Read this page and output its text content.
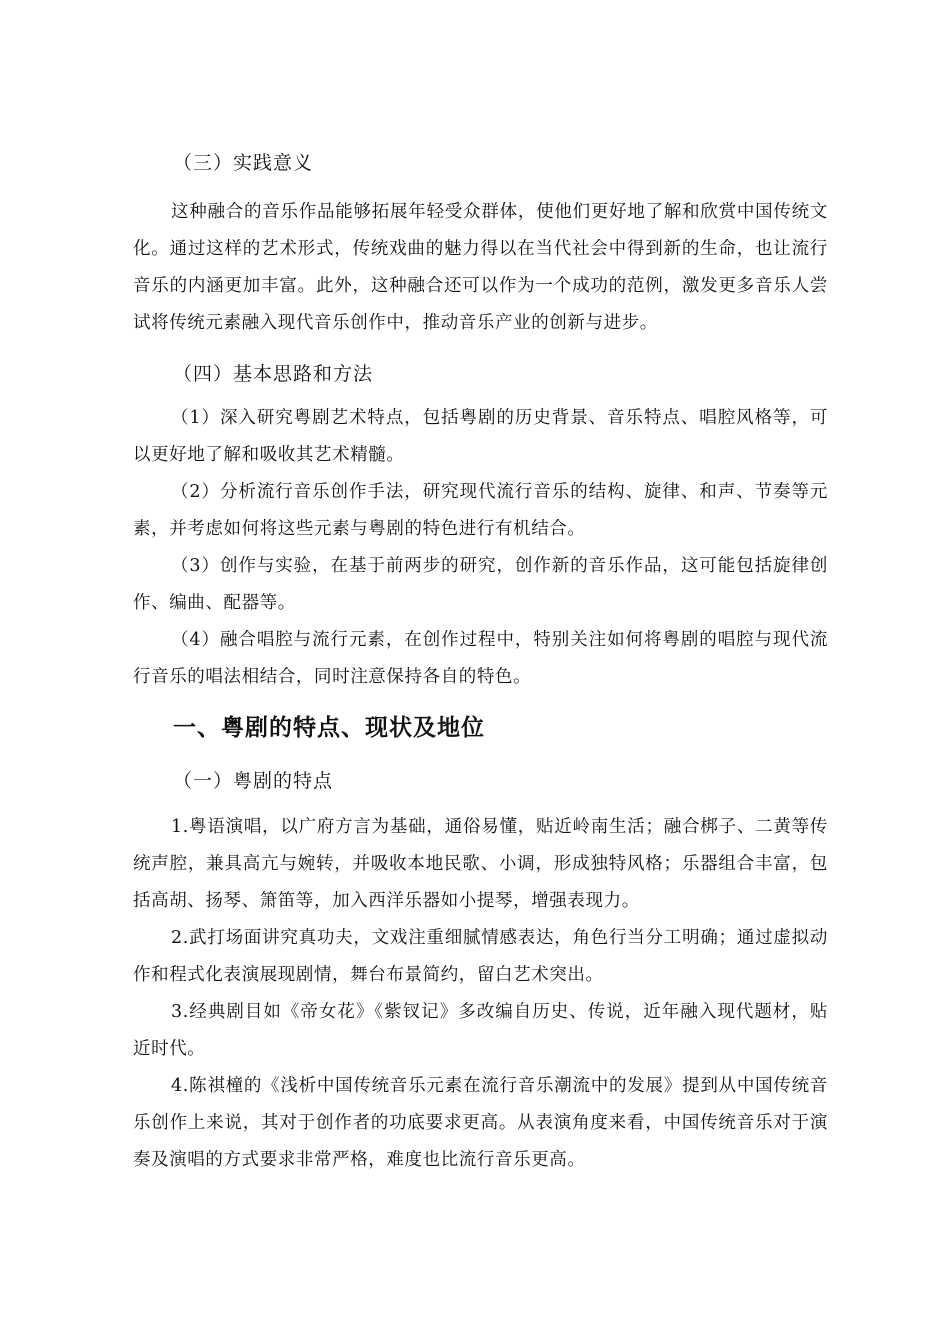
（三）实践意义

这种融合的音乐作品能够拓展年轻受众群体，使他们更好地了解和欣赏中国传统文化。通过这样的艺术形式，传统戏曲的魅力得以在当代社会中得到新的生命，也让流行音乐的内涵更加丰富。此外，这种融合还可以作为一个成功的范例，激发更多音乐人尝试将传统元素融入现代音乐创作中，推动音乐产业的创新与进步。

（四）基本思路和方法

（1）深入研究粤剧艺术特点，包括粤剧的历史背景、音乐特点、唱腔风格等，可以更好地了解和吸收其艺术精髓。

（2）分析流行音乐创作手法，研究现代流行音乐的结构、旋律、和声、节奏等元素，并考虑如何将这些元素与粤剧的特色进行有机结合。

（3）创作与实验，在基于前两步的研究，创作新的音乐作品，这可能包括旋律创作、编曲、配器等。

（4）融合唱腔与流行元素，在创作过程中，特别关注如何将粤剧的唱腔与现代流行音乐的唱法相结合，同时注意保持各自的特色。

一、粤剧的特点、现状及地位
（一）粤剧的特点

1.粤语演唱，以广府方言为基础，通俗易懂，贴近岭南生活；融合梆子、二黄等传统声腔，兼具高亢与婉转，并吸收本地民歌、小调，形成独特风格；乐器组合丰富，包括高胡、扬琴、箫笛等，加入西洋乐器如小提琴，增强表现力。

2.武打场面讲究真功夫，文戏注重细腻情感表达，角色行当分工明确；通过虚拟动作和程式化表演展现剧情，舞台布景简约，留白艺术突出。

3.经典剧目如《帝女花》《紫钗记》多改编自历史、传说，近年融入现代题材，贴近时代。

4.陈祺橦的《浅析中国传统音乐元素在流行音乐潮流中的发展》提到从中国传统音乐创作上来说，其对于创作者的功底要求更高。从表演角度来看，中国传统音乐对于演奏及演唱的方式要求非常严格，难度也比流行音乐更高。
